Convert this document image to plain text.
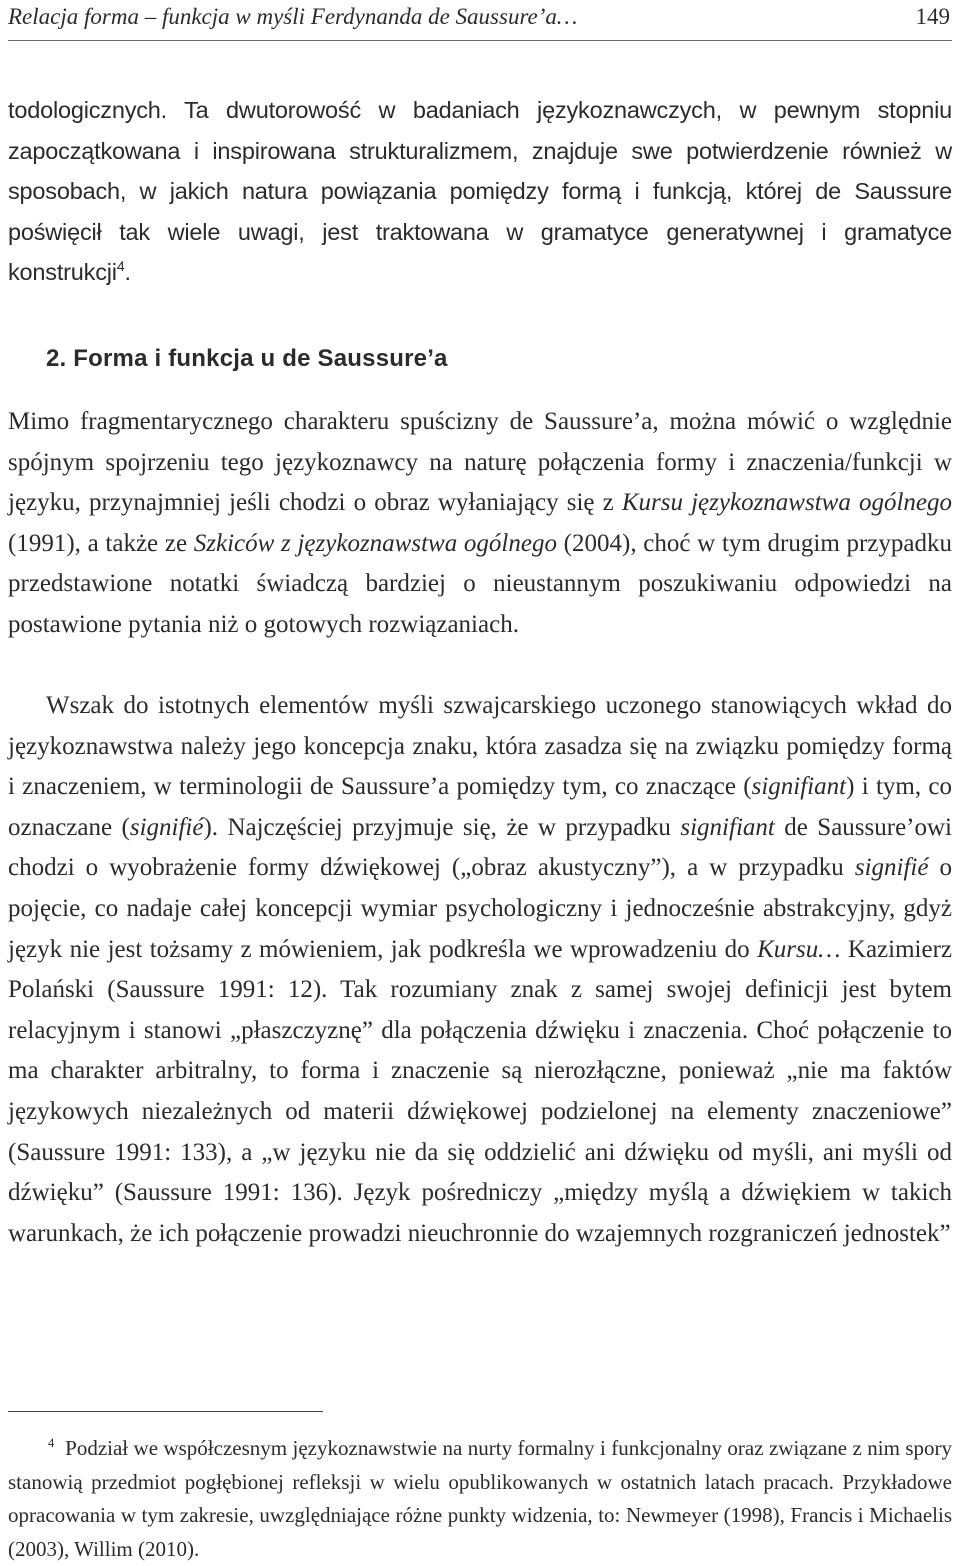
Relacja forma – funkcja w myśli Ferdynanda de Saussure’a…	149

todologicznych. Ta dwutorowość w badaniach językoznawczych, w pewnym stopniu zapoczątkowana i inspirowana strukturalizmem, znajduje swe potwierdzenie również w sposobach, w jakich natura powiązania pomiędzy formą i funkcją, której de Saussure poświęcił tak wiele uwagi, jest traktowana w gramatyce generatywnej i gramatyce konstrukcji$^4$.

2. Forma i funkcja u de Saussure’a

Mimo fragmentarycznego charakteru spuścizny de Saussure’a, można mówić o względnie spójnym spojrzeniu tego językoznawcy na naturę połączenia formy i znaczenia/funkcji w języku, przynajmniej jeśli chodzi o obraz wyłaniający się z Kursu językoznawstwa ogólnego (1991), a także ze Szkiców z językoznawstwa ogólnego (2004), choć w tym drugim przypadku przedstawione notatki świadczą bardziej o nieustannym poszukiwaniu odpowiedzi na postawione pytania niż o gotowych rozwiązaniach.

Wszak do istotnych elementów myśli szwajcarskiego uczonego stanowiących wkład do językoznawstwa należy jego koncepcja znaku, która zasadza się na związku pomiędzy formą i znaczeniem, w terminologii de Saussure’a pomiędzy tym, co znaczące (signifiant) i tym, co oznaczane (signifié). Najczęściej przyjmuje się, że w przypadku signifiant de Saussure’owi chodzi o wyobrażenie formy dźwiękowej („obraz akustyczny”), a w przypadku signifié o pojęcie, co nadaje całej koncepcji wymiar psychologiczny i jednocześnie abstrakcyjny, gdyż język nie jest tożsamy z mówieniem, jak podkreśla we wprowadzeniu do Kursu… Kazimierz Polański (Saussure 1991: 12). Tak rozumiany znak z samej swojej definicji jest bytem relacyjnym i stanowi „płaszczyznę” dla połączenia dźwięku i znaczenia. Choć połączenie to ma charakter arbitralny, to forma i znaczenie są nierozłączne, ponieważ „nie ma faktów językowych niezależnych od materii dźwiękowej podzielonej na elementy znaczeniowe” (Saussure 1991: 133), a „w języku nie da się oddzielić ani dźwięku od myśli, ani myśli od dźwięku” (Saussure 1991: 136). Język pośredniczy „między myślą a dźwiękiem w takich warunkach, że ich połączenie prowadzi nieuchronnie do wzajemnych rozgraniczeń jednostek”

$^4$ Podział we współczesnym językoznawstwie na nurty formalny i funkcjonalny oraz związane z nim spory stanowią przedmiot pogłębionej refleksji w wielu opublikowanych w ostatnich latach pracach. Przykładowe opracowania w tym zakresie, uwzględniające różne punkty widzenia, to: Newmeyer (1998), Francis i Michaelis (2003), Willim (2010).
